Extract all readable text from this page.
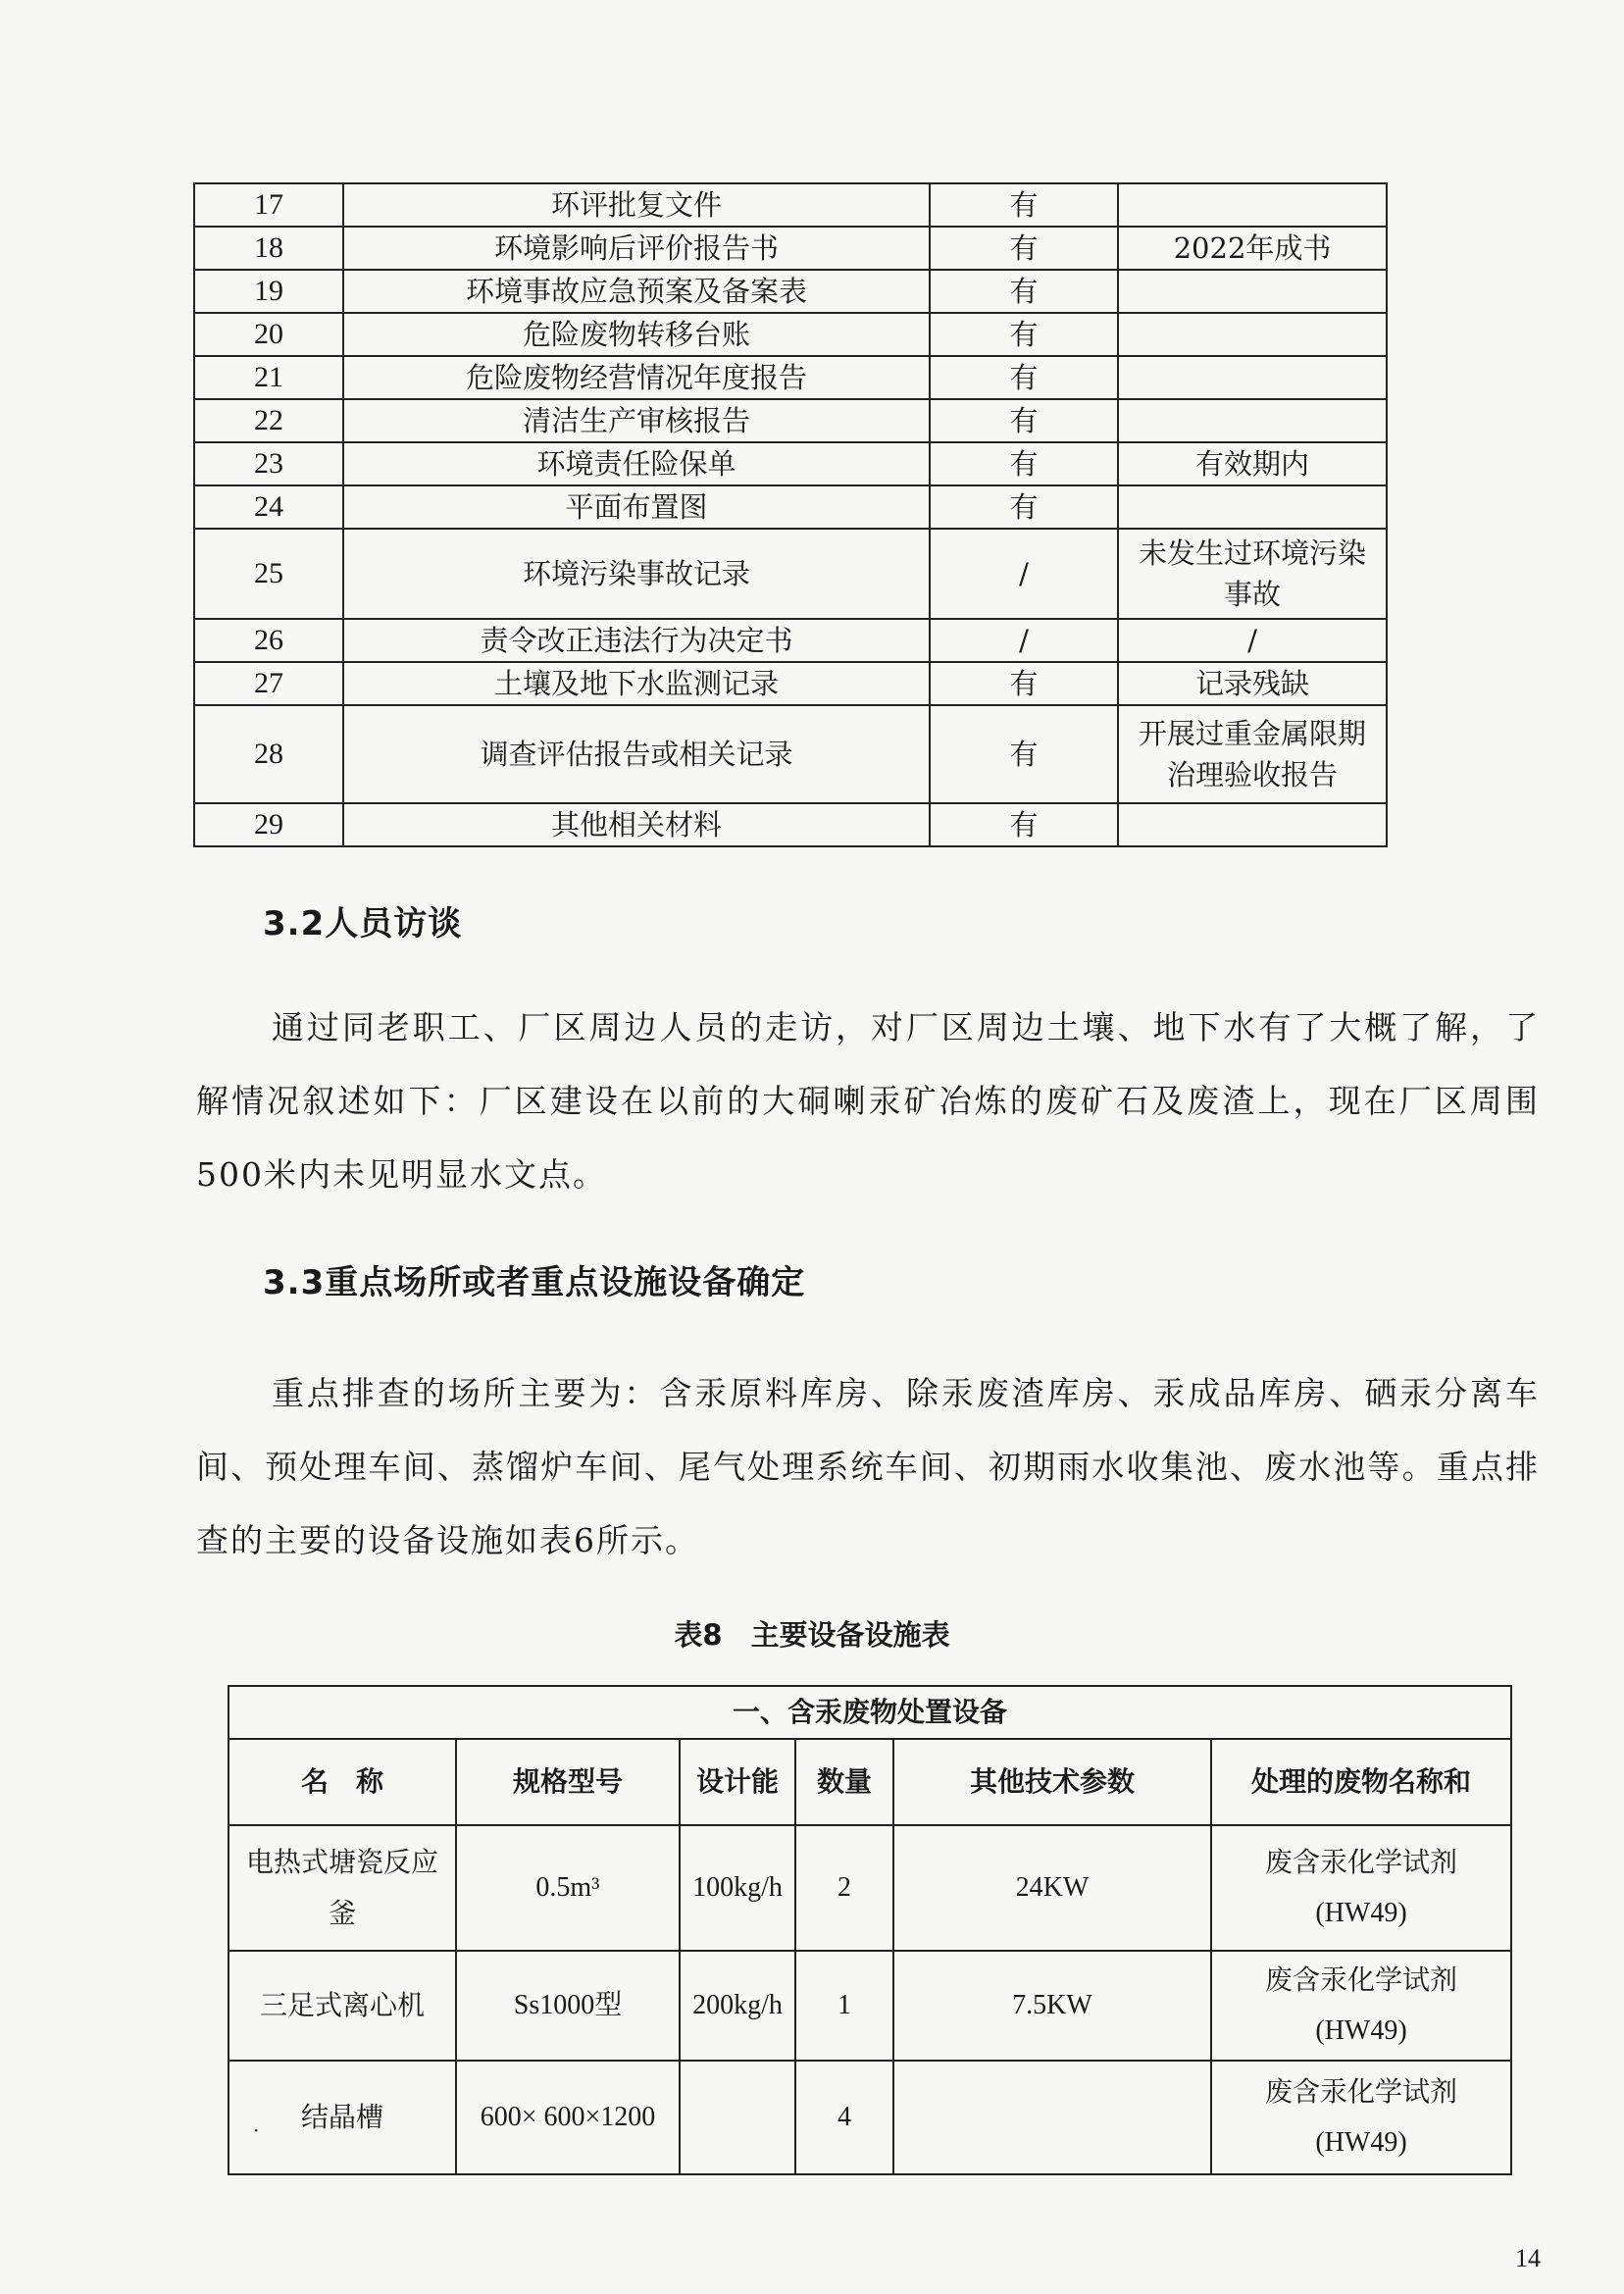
17	环评批复文件	有	
18	环境影响后评价报告书	有	2022年成书
19	环境事故应急预案及备案表	有	
20	危险废物转移台账	有	
21	危险废物经营情况年度报告	有	
22	清洁生产审核报告	有	
23	环境责任险保单	有	有效期内
24	平面布置图	有	
25	环境污染事故记录	/	未发生过环境污染事故
26	责令改正违法行为决定书	/	/
27	土壤及地下水监测记录	有	记录残缺
28	调查评估报告或相关记录	有	开展过重金属限期治理验收报告
29	其他相关材料	有	
3.2人员访谈
通过同老职工、厂区周边人员的走访，对厂区周边土壤、地下水有了大概了解，了解情况叙述如下：厂区建设在以前的大硐喇汞矿冶炼的废矿石及废渣上，现在厂区周围500米内未见明显水文点。
3.3重点场所或者重点设施设备确定
重点排查的场所主要为：含汞原料库房、除汞废渣库房、汞成品库房、硒汞分离车间、预处理车间、蒸馏炉车间、尾气处理系统车间、初期雨水收集池、废水池等。重点排查的主要的设备设施如表6所示。
表8　主要设备设施表
一、含汞废物处置设备					
名　称	规格型号	设计能	数量	其他技术参数	处理的废物名称和
电热式塘瓷反应釜	0.5m³	100kg/h	2	24KW	废含汞化学试剂
(HW49)

三足式离心机	Ss1000型	200kg/h	1	7.5KW	废含汞化学试剂
(HW49)

结晶槽	600× 600×1200		4		废含汞化学试剂
(HW49)
·
14
